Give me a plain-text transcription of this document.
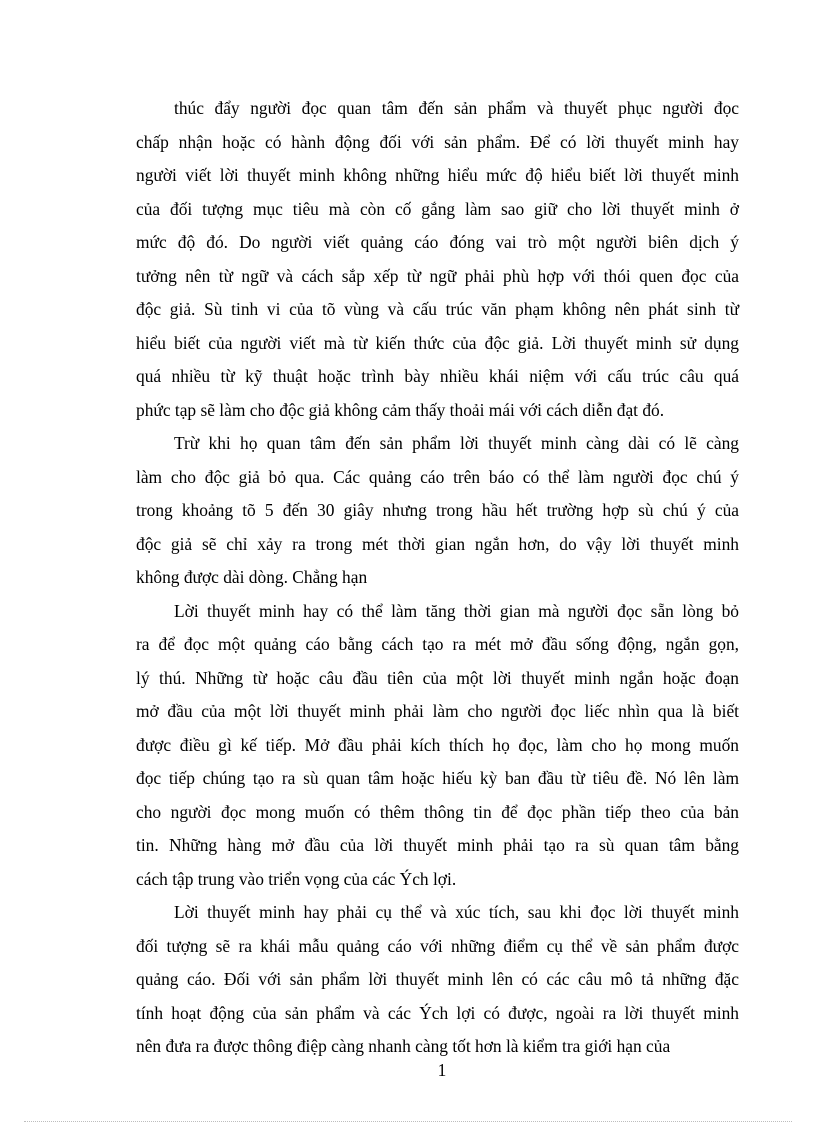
thúc đẩy người đọc quan tâm đến sản phẩm và thuyết phục người đọc
chấp nhận hoặc có hành động đối với sản phẩm. Để có lời thuyết minh hay
người viết lời thuyết minh không những hiểu mức độ hiểu biết lời thuyết minh
của đối tượng mục tiêu mà còn cố gắng làm sao giữ cho lời thuyết minh ở
mức độ đó. Do người viết quảng cáo đóng vai trò một người biên dịch ý
tưởng nên từ ngữ và cách sắp xếp từ ngữ phải phù hợp với thói quen đọc của
độc giả. Sù tinh vi của tõ vùng và cấu trúc văn phạm không nên phát sinh từ
hiểu biết của người viết mà từ kiến thức của độc giả. Lời thuyết minh sử dụng
quá nhiều từ kỹ thuật hoặc trình bày nhiều khái niệm với cấu trúc câu quá
phức tạp sẽ làm cho độc giả không cảm thấy thoải mái với cách diễn đạt đó.
Trừ khi họ quan tâm đến sản phẩm lời thuyết minh càng dài có lẽ càng
làm cho độc giả bỏ qua. Các quảng cáo trên báo có thể làm người đọc chú ý
trong khoảng tõ 5 đến 30 giây nhưng trong hầu hết trường hợp sù chú ý của
độc giả sẽ chỉ xảy ra trong mét thời gian ngắn hơn, do vậy lời thuyết minh
không được dài dòng. Chẳng hạn
Lời thuyết minh hay có thể làm tăng thời gian mà người đọc sẵn lòng bỏ
ra để đọc một quảng cáo bằng cách tạo ra mét mở đầu sống động, ngắn gọn,
lý thú. Những từ hoặc câu đầu tiên của một lời thuyết minh ngắn hoặc đoạn
mở đầu của một lời thuyết minh phải làm cho người đọc liếc nhìn qua là biết
được điều gì kế tiếp. Mở đầu phải kích thích họ đọc, làm cho họ mong muốn
đọc tiếp chúng tạo ra sù quan tâm hoặc hiếu kỳ ban đầu từ tiêu đề. Nó lên làm
cho người đọc mong muốn có thêm thông tin để đọc phần tiếp theo của bản
tin. Những hàng mở đầu của lời thuyết minh phải tạo ra sù quan tâm bằng
cách tập trung vào triển vọng của các Ých lợi.
Lời thuyết minh hay phải cụ thể và xúc tích, sau khi đọc lời thuyết minh
đối tượng sẽ ra khái mẫu quảng cáo với những điểm cụ thể về sản phẩm được
quảng cáo. Đối với sản phẩm lời thuyết minh lên có các câu mô tả những đặc
tính hoạt động của sản phẩm và các Ých lợi có được, ngoài ra lời thuyết minh
nên đưa ra được thông điệp càng nhanh càng tốt hơn là kiểm tra giới hạn của
1
